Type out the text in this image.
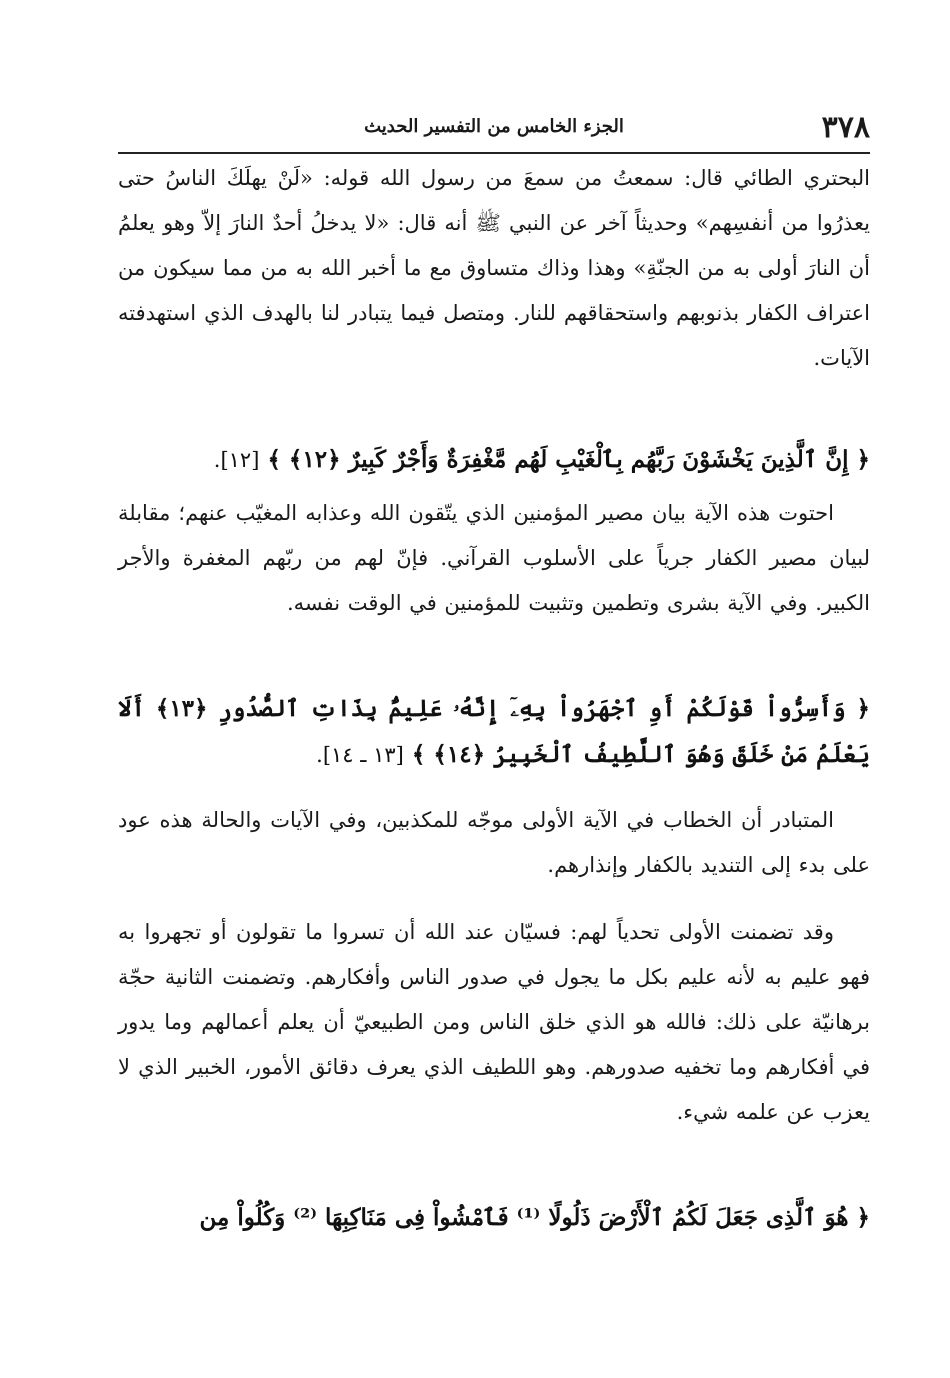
٣٧٨
الجزء الخامس من التفسير الحديث

البحتري الطائي قال: سمعتُ من سمعَ من رسول الله قوله: «لَنْ يهلَكَ الناسُ حتى يعذرُوا من أنفسِهم» وحديثاً آخر عن النبي ﷺ أنه قال: «لا يدخلُ أحدٌ النارَ إلاّ وهو يعلمُ أن النارَ أولى به من الجنّةِ» وهذا وذاك متساوق مع ما أخبر الله به من مما سيكون من اعتراف الكفار بذنوبهم واستحقاقهم للنار. ومتصل فيما يتبادر لنا بالهدف الذي استهدفته الآيات.

﴿ إِنَّ ٱلَّذِينَ يَخْشَوْنَ رَبَّهُم بِٱلْغَيْبِ لَهُم مَّغْفِرَةٌ وَأَجْرٌ كَبِيرٌ ﴿١٢﴾ ﴾ [١٢].

احتوت هذه الآية بيان مصير المؤمنين الذي يتّقون الله وعذابه المغيّب عنهم؛ مقابلة لبيان مصير الكفار جرياً على الأسلوب القرآني. فإنّ لهم من ربّهم المغفرة والأجر الكبير. وفي الآية بشرى وتطمين وتثبيت للمؤمنين في الوقت نفسه.

﴿ وَأَسِرُّواْ قَوْلَكُمْ أَوِ ٱجْهَرُواْ بِهِۦٓ إِنَّهُۥ عَلِيمٌۢ بِذَاتِ ٱلصُّدُورِ ﴿١٣﴾ أَلَا يَعْلَمُ مَنْ خَلَقَ وَهُوَ ٱللَّطِيفُ ٱلْخَبِيرُ ﴿١٤﴾ ﴾ [١٣ ـ ١٤].

المتبادر أن الخطاب في الآية الأولى موجّه للمكذبين، وفي الآيات والحالة هذه عود على بدء إلى التنديد بالكفار وإنذارهم.

وقد تضمنت الأولى تحدياً لهم: فسيّان عند الله أن تسروا ما تقولون أو تجهروا به فهو عليم به لأنه عليم بكل ما يجول في صدور الناس وأفكارهم. وتضمنت الثانية حجّة برهانيّة على ذلك: فالله هو الذي خلق الناس ومن الطبيعيّ أن يعلم أعمالهم وما يدور في أفكارهم وما تخفيه صدورهم. وهو اللطيف الذي يعرف دقائق الأمور، الخبير الذي لا يعزب عن علمه شيء.

﴿ هُوَ ٱلَّذِى جَعَلَ لَكُمُ ٱلْأَرْضَ ذَلُولًا ⁽¹⁾ فَٱمْشُواْ فِى مَنَاكِبِهَا ⁽²⁾ وَكُلُواْ مِن
